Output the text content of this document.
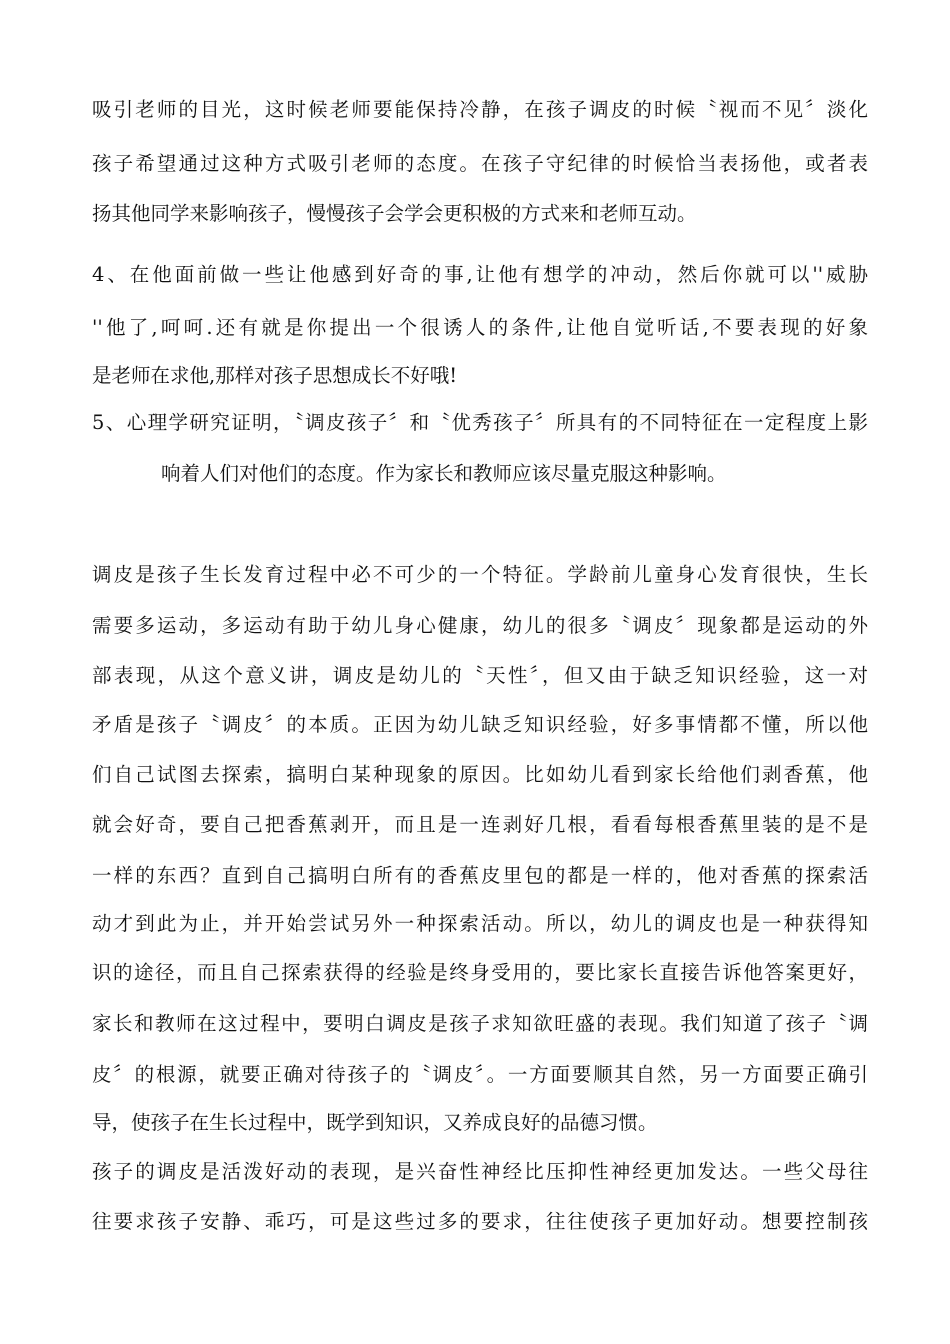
吸引老师的目光，这时候老师要能保持冷静，在孩子调皮的时候〝视而不见〞淡化
孩子希望通过这种方式吸引老师的态度。在孩子守纪律的时候恰当表扬他，或者表
扬其他同学来影响孩子，慢慢孩子会学会更积极的方式来和老师互动。
4、在他面前做一些让他感到好奇的事,让他有想学的冲动，然后你就可以''威胁
''他了,呵呵.还有就是你提出一个很诱人的条件,让他自觉听话,不要表现的好象
是老师在求他,那样对孩子思想成长不好哦!
5、心理学研究证明，〝调皮孩子〞和〝优秀孩子〞所具有的不同特征在一定程度上影
响着人们对他们的态度。作为家长和教师应该尽量克服这种影响。
调皮是孩子生长发育过程中必不可少的一个特征。学龄前儿童身心发育很快，生长
需要多运动，多运动有助于幼儿身心健康，幼儿的很多〝调皮〞现象都是运动的外
部表现，从这个意义讲，调皮是幼儿的〝天性〞，但又由于缺乏知识经验，这一对
矛盾是孩子〝调皮〞的本质。正因为幼儿缺乏知识经验，好多事情都不懂，所以他
们自己试图去探索，搞明白某种现象的原因。比如幼儿看到家长给他们剥香蕉，他
就会好奇，要自己把香蕉剥开，而且是一连剥好几根，看看每根香蕉里装的是不是
一样的东西？直到自己搞明白所有的香蕉皮里包的都是一样的，他对香蕉的探索活
动才到此为止，并开始尝试另外一种探索活动。所以，幼儿的调皮也是一种获得知
识的途径，而且自己探索获得的经验是终身受用的，要比家长直接告诉他答案更好，
家长和教师在这过程中，要明白调皮是孩子求知欲旺盛的表现。我们知道了孩子〝调
皮〞的根源，就要正确对待孩子的〝调皮〞。一方面要顺其自然，另一方面要正确引
导，使孩子在生长过程中，既学到知识，又养成良好的品德习惯。
孩子的调皮是活泼好动的表现，是兴奋性神经比压抑性神经更加发达。一些父母往
往要求孩子安静、乖巧，可是这些过多的要求，往往使孩子更加好动。想要控制孩
